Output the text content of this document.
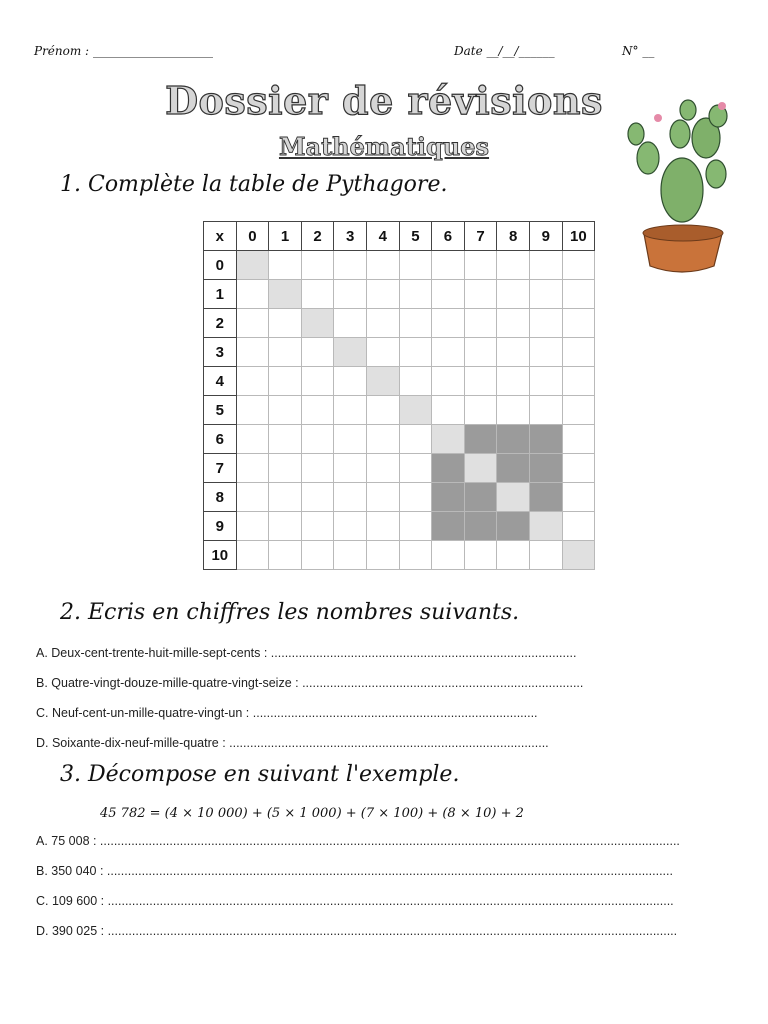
Prénom : ____________________	Date __/__/______	N° __
Dossier de révisions
Mathématiques
1. Complète la table de Pythagore.
x	0	1	2	3	4	5	6	7	8	9	10
0											
1											
2											
3											
4											
5											
6											
7											
8											
9											
10											
2. Ecris en chiffres les nombres suivants.
A. Deux-cent-trente-huit-mille-sept-cents : ........................................................................................
B. Quatre-vingt-douze-mille-quatre-vingt-seize : .................................................................................
C. Neuf-cent-un-mille-quatre-vingt-un : ..................................................................................
D. Soixante-dix-neuf-mille-quatre : ............................................................................................
3. Décompose en suivant l'exemple.
45 782 = (4 × 10 000) + (5 × 1 000) + (7 × 100) + (8 × 10) + 2
A. 75 008 : .......................................................................................................................................................................
B. 350 040 : ...................................................................................................................................................................
C. 109 600 : ...................................................................................................................................................................
D. 390 025 : ....................................................................................................................................................................
